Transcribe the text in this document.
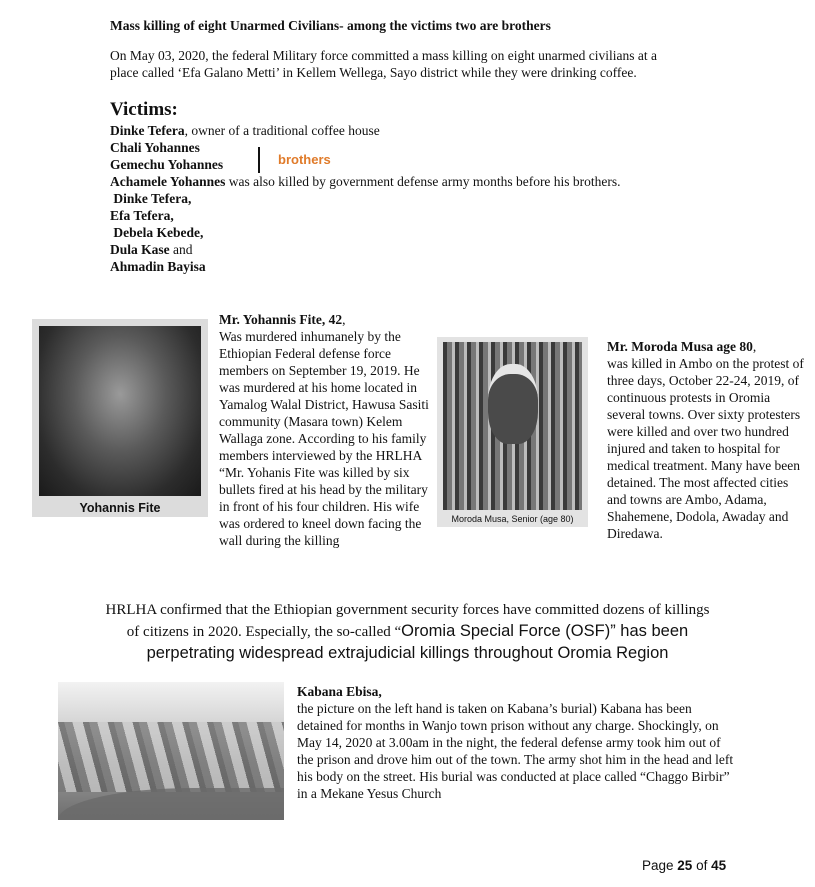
Mass killing of eight Unarmed Civilians- among the victims two are brothers
On May 03, 2020, the federal Military force committed a mass killing on eight unarmed civilians at a place called ‘Efa Galano Metti’ in Kellem Wellega, Sayo district while they were drinking coffee.
Victims:
Dinke Tefera, owner of a traditional coffee house
Chali Yohannes
Gemechu Yohannes
Achamele Yohannes was also killed by government defense army months before his brothers.
Dinke Tefera,
Efa Tefera,
Debela Kebede,
Dula Kase and
Ahmadin Bayisa
brothers
Yohannis Fite
Mr. Yohannis Fite, 42,
Was murdered inhumanely by the Ethiopian Federal defense force members on September 19, 2019. He was murdered at his home located in Yamalog Walal District, Hawusa Sasiti community (Masara town) Kelem Wallaga zone. According to his family members interviewed by the HRLHA “Mr. Yohanis Fite was killed by six bullets fired at his head by the military in front of his four children. His wife was ordered to kneel down facing the wall during the killing
Moroda Musa, Senior (age 80)
Mr. Moroda Musa age 80,
was killed in Ambo on the protest of three days, October 22-24, 2019, of continuous protests in Oromia several towns. Over sixty protesters were killed and over two hundred injured and taken to hospital for medical treatment. Many have been detained. The most affected cities and towns are Ambo, Adama, Shahemene, Dodola, Awaday and Diredawa.
HRLHA confirmed that the Ethiopian government security forces have committed dozens of killings
of citizens in 2020. Especially, the so-called “Oromia Special Force (OSF)” has been
perpetrating widespread extrajudicial killings throughout Oromia Region
Kabana Ebisa,
the picture on the left hand is taken on Kabana’s burial) Kabana has been detained for months in Wanjo town prison without any charge. Shockingly, on May 14, 2020 at 3.00am in the night, the federal defense army took him out of the prison and drove him out of the town. The army shot him in the head and left his body on the street. His burial was conducted at place called “Chaggo Birbir” in a Mekane Yesus Church
Page 25 of 45
